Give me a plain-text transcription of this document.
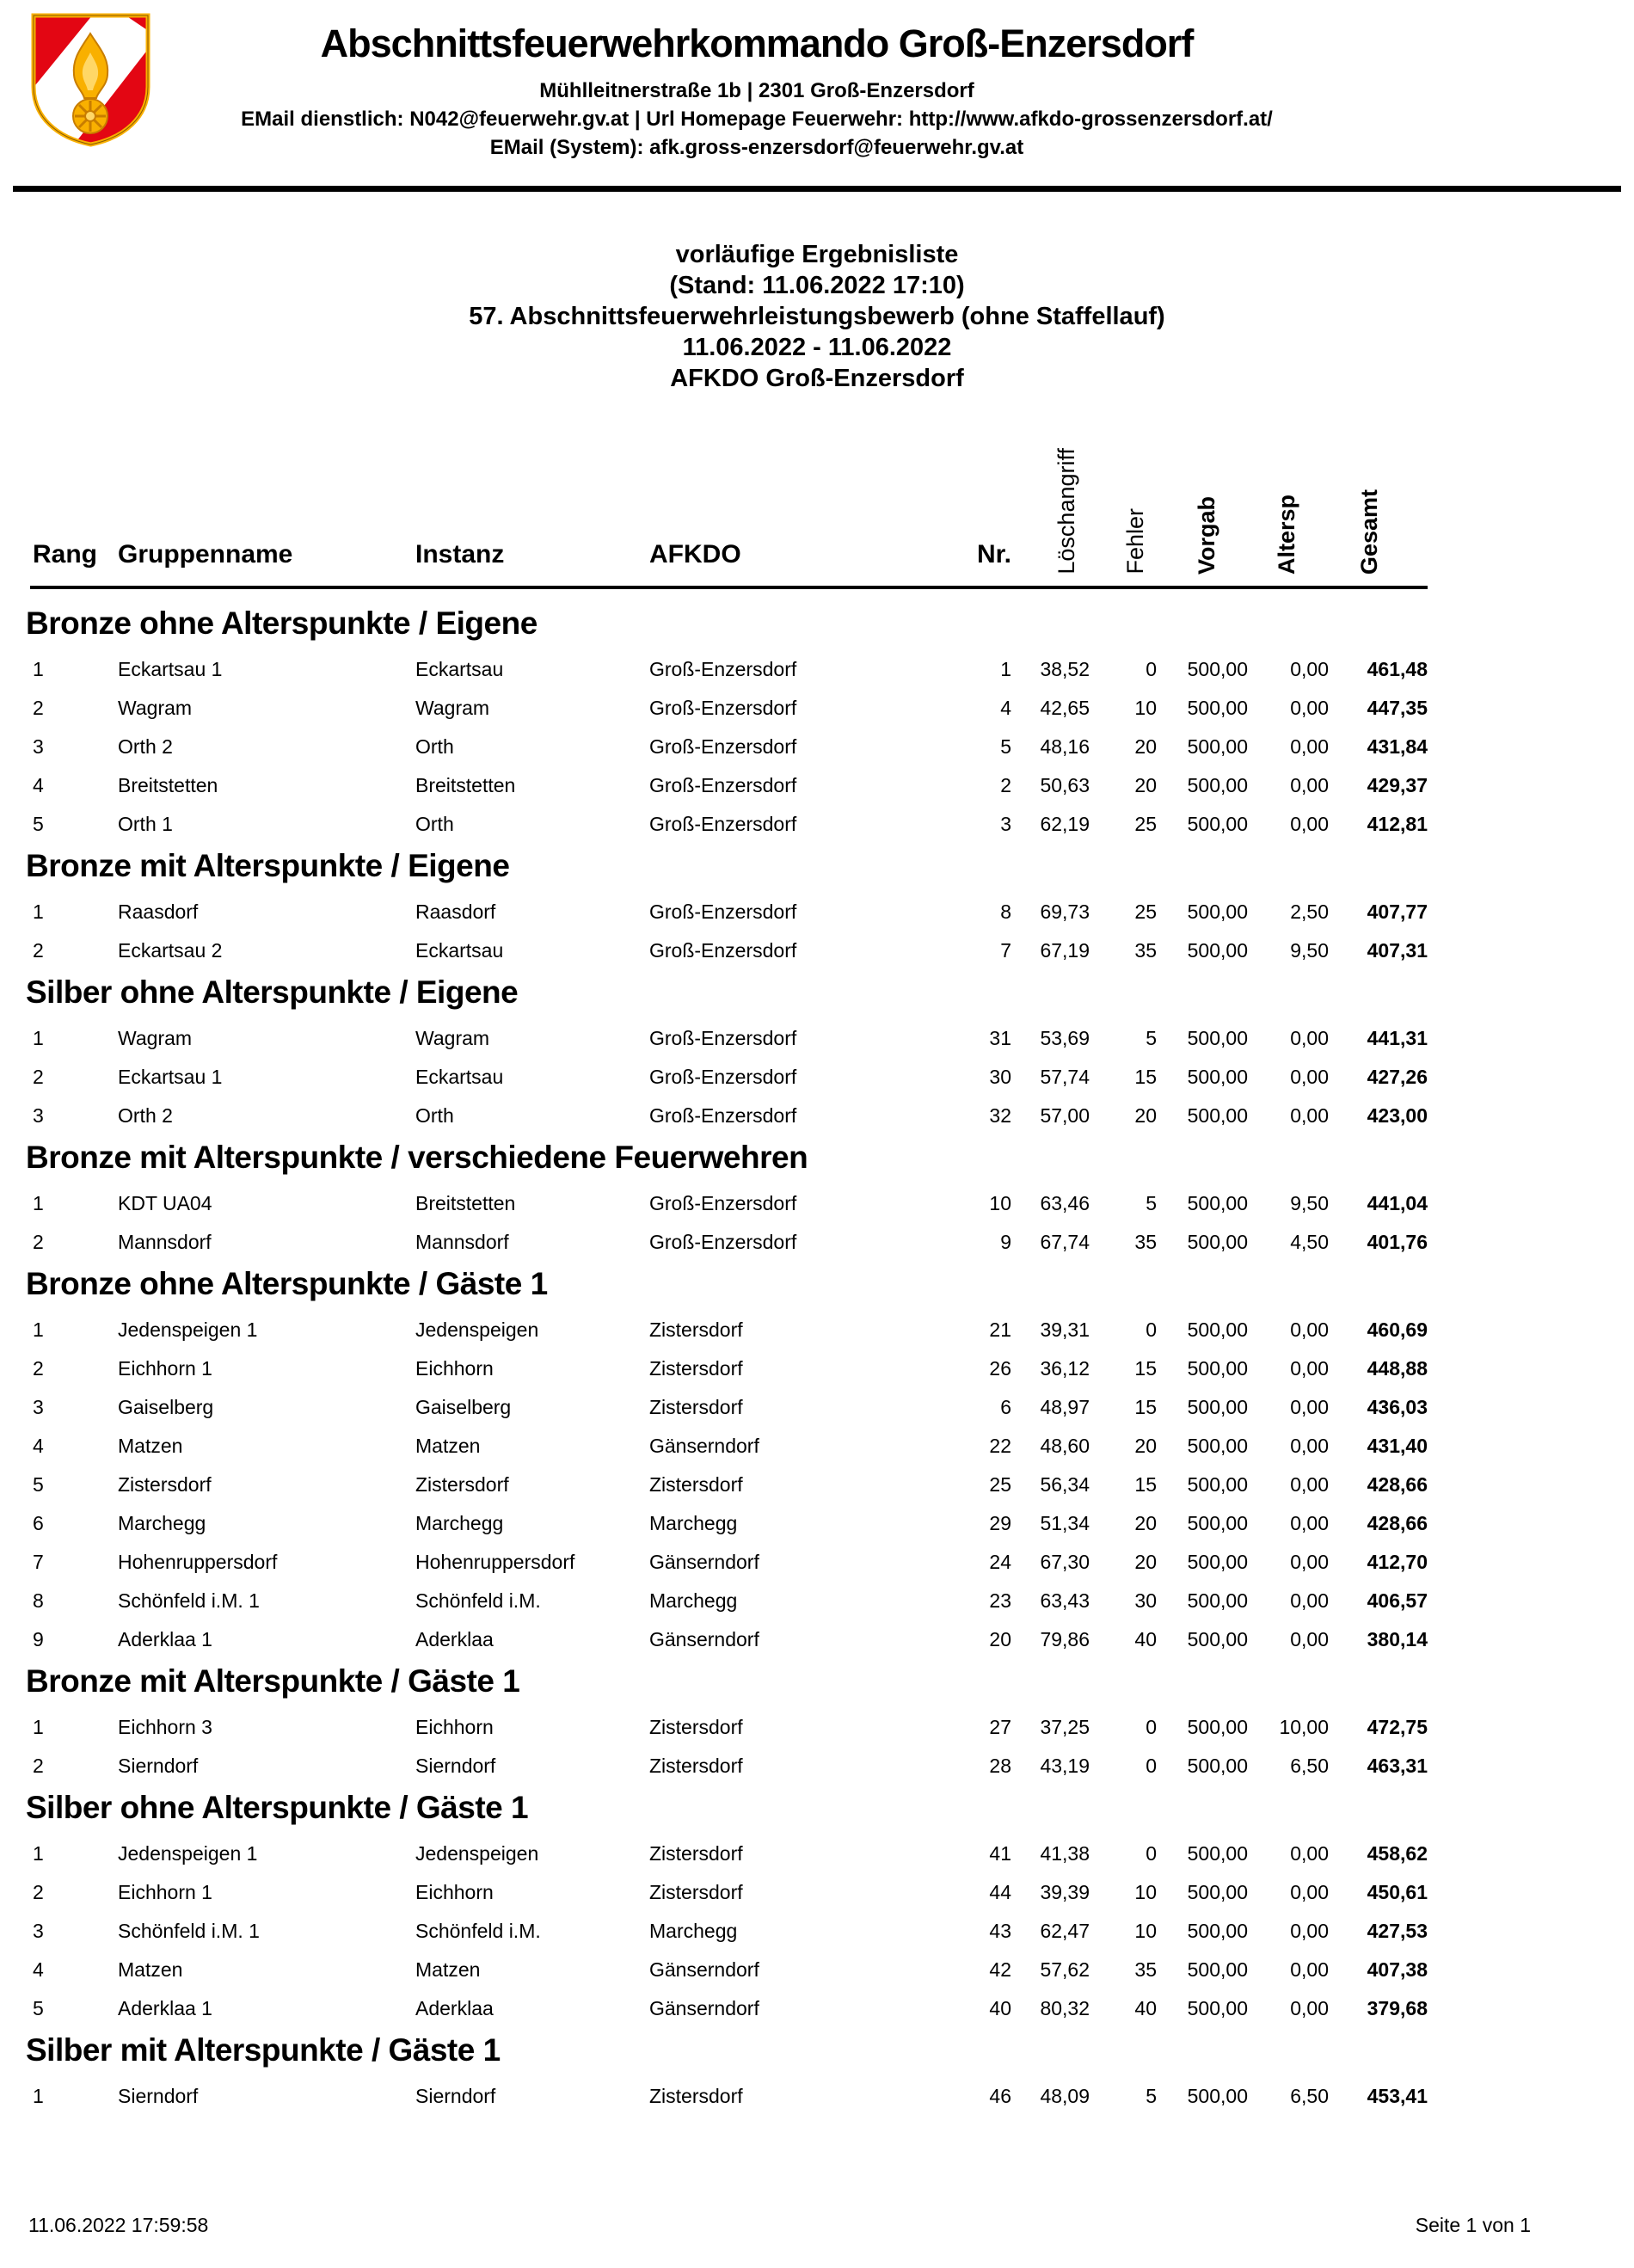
Abschnittsfeuerwehrkommando Groß-Enzersdorf
Mühlleitnerstraße 1b | 2301 Groß-Enzersdorf
EMail dienstlich: N042@feuerwehr.gv.at | Url Homepage Feuerwehr: http://www.afkdo-grossenzersdorf.at/
EMail (System): afk.gross-enzersdorf@feuerwehr.gv.at
vorläufige Ergebnisliste
(Stand: 11.06.2022 17:10)
57. Abschnittsfeuerwehrleistungsbewerb (ohne Staffellauf)
11.06.2022 - 11.06.2022
AFKDO Groß-Enzersdorf
Rang Gruppenname	Instanz	AFKDO	Nr. Löschangriff Fehler Vorgab Altersp Gesamt
Bronze ohne Alterspunkte / Eigene
1	Eckartsau 1	Eckartsau	Groß-Enzersdorf	1	38,52	0	500,00	0,00	461,48
2	Wagram	Wagram	Groß-Enzersdorf	4	42,65	10	500,00	0,00	447,35
3	Orth 2	Orth	Groß-Enzersdorf	5	48,16	20	500,00	0,00	431,84
4	Breitstetten	Breitstetten	Groß-Enzersdorf	2	50,63	20	500,00	0,00	429,37
5	Orth 1	Orth	Groß-Enzersdorf	3	62,19	25	500,00	0,00	412,81
Bronze mit Alterspunkte / Eigene
1	Raasdorf	Raasdorf	Groß-Enzersdorf	8	69,73	25	500,00	2,50	407,77
2	Eckartsau 2	Eckartsau	Groß-Enzersdorf	7	67,19	35	500,00	9,50	407,31
Silber ohne Alterspunkte / Eigene
1	Wagram	Wagram	Groß-Enzersdorf	31	53,69	5	500,00	0,00	441,31
2	Eckartsau 1	Eckartsau	Groß-Enzersdorf	30	57,74	15	500,00	0,00	427,26
3	Orth 2	Orth	Groß-Enzersdorf	32	57,00	20	500,00	0,00	423,00
Bronze mit Alterspunkte / verschiedene Feuerwehren
1	KDT UA04	Breitstetten	Groß-Enzersdorf	10	63,46	5	500,00	9,50	441,04
2	Mannsdorf	Mannsdorf	Groß-Enzersdorf	9	67,74	35	500,00	4,50	401,76
Bronze ohne Alterspunkte / Gäste 1
1	Jedenspeigen 1	Jedenspeigen	Zistersdorf	21	39,31	0	500,00	0,00	460,69
2	Eichhorn 1	Eichhorn	Zistersdorf	26	36,12	15	500,00	0,00	448,88
3	Gaiselberg	Gaiselberg	Zistersdorf	6	48,97	15	500,00	0,00	436,03
4	Matzen	Matzen	Gänserndorf	22	48,60	20	500,00	0,00	431,40
5	Zistersdorf	Zistersdorf	Zistersdorf	25	56,34	15	500,00	0,00	428,66
6	Marchegg	Marchegg	Marchegg	29	51,34	20	500,00	0,00	428,66
7	Hohenruppersdorf	Hohenruppersdorf	Gänserndorf	24	67,30	20	500,00	0,00	412,70
8	Schönfeld i.M. 1	Schönfeld i.M.	Marchegg	23	63,43	30	500,00	0,00	406,57
9	Aderklaa 1	Aderklaa	Gänserndorf	20	79,86	40	500,00	0,00	380,14
Bronze mit Alterspunkte / Gäste 1
1	Eichhorn 3	Eichhorn	Zistersdorf	27	37,25	0	500,00	10,00	472,75
2	Sierndorf	Sierndorf	Zistersdorf	28	43,19	0	500,00	6,50	463,31
Silber ohne Alterspunkte / Gäste 1
1	Jedenspeigen 1	Jedenspeigen	Zistersdorf	41	41,38	0	500,00	0,00	458,62
2	Eichhorn 1	Eichhorn	Zistersdorf	44	39,39	10	500,00	0,00	450,61
3	Schönfeld i.M. 1	Schönfeld i.M.	Marchegg	43	62,47	10	500,00	0,00	427,53
4	Matzen	Matzen	Gänserndorf	42	57,62	35	500,00	0,00	407,38
5	Aderklaa 1	Aderklaa	Gänserndorf	40	80,32	40	500,00	0,00	379,68
Silber mit Alterspunkte / Gäste 1
1	Sierndorf	Sierndorf	Zistersdorf	46	48,09	5	500,00	6,50	453,41
11.06.2022 17:59:58	Seite 1 von 1
